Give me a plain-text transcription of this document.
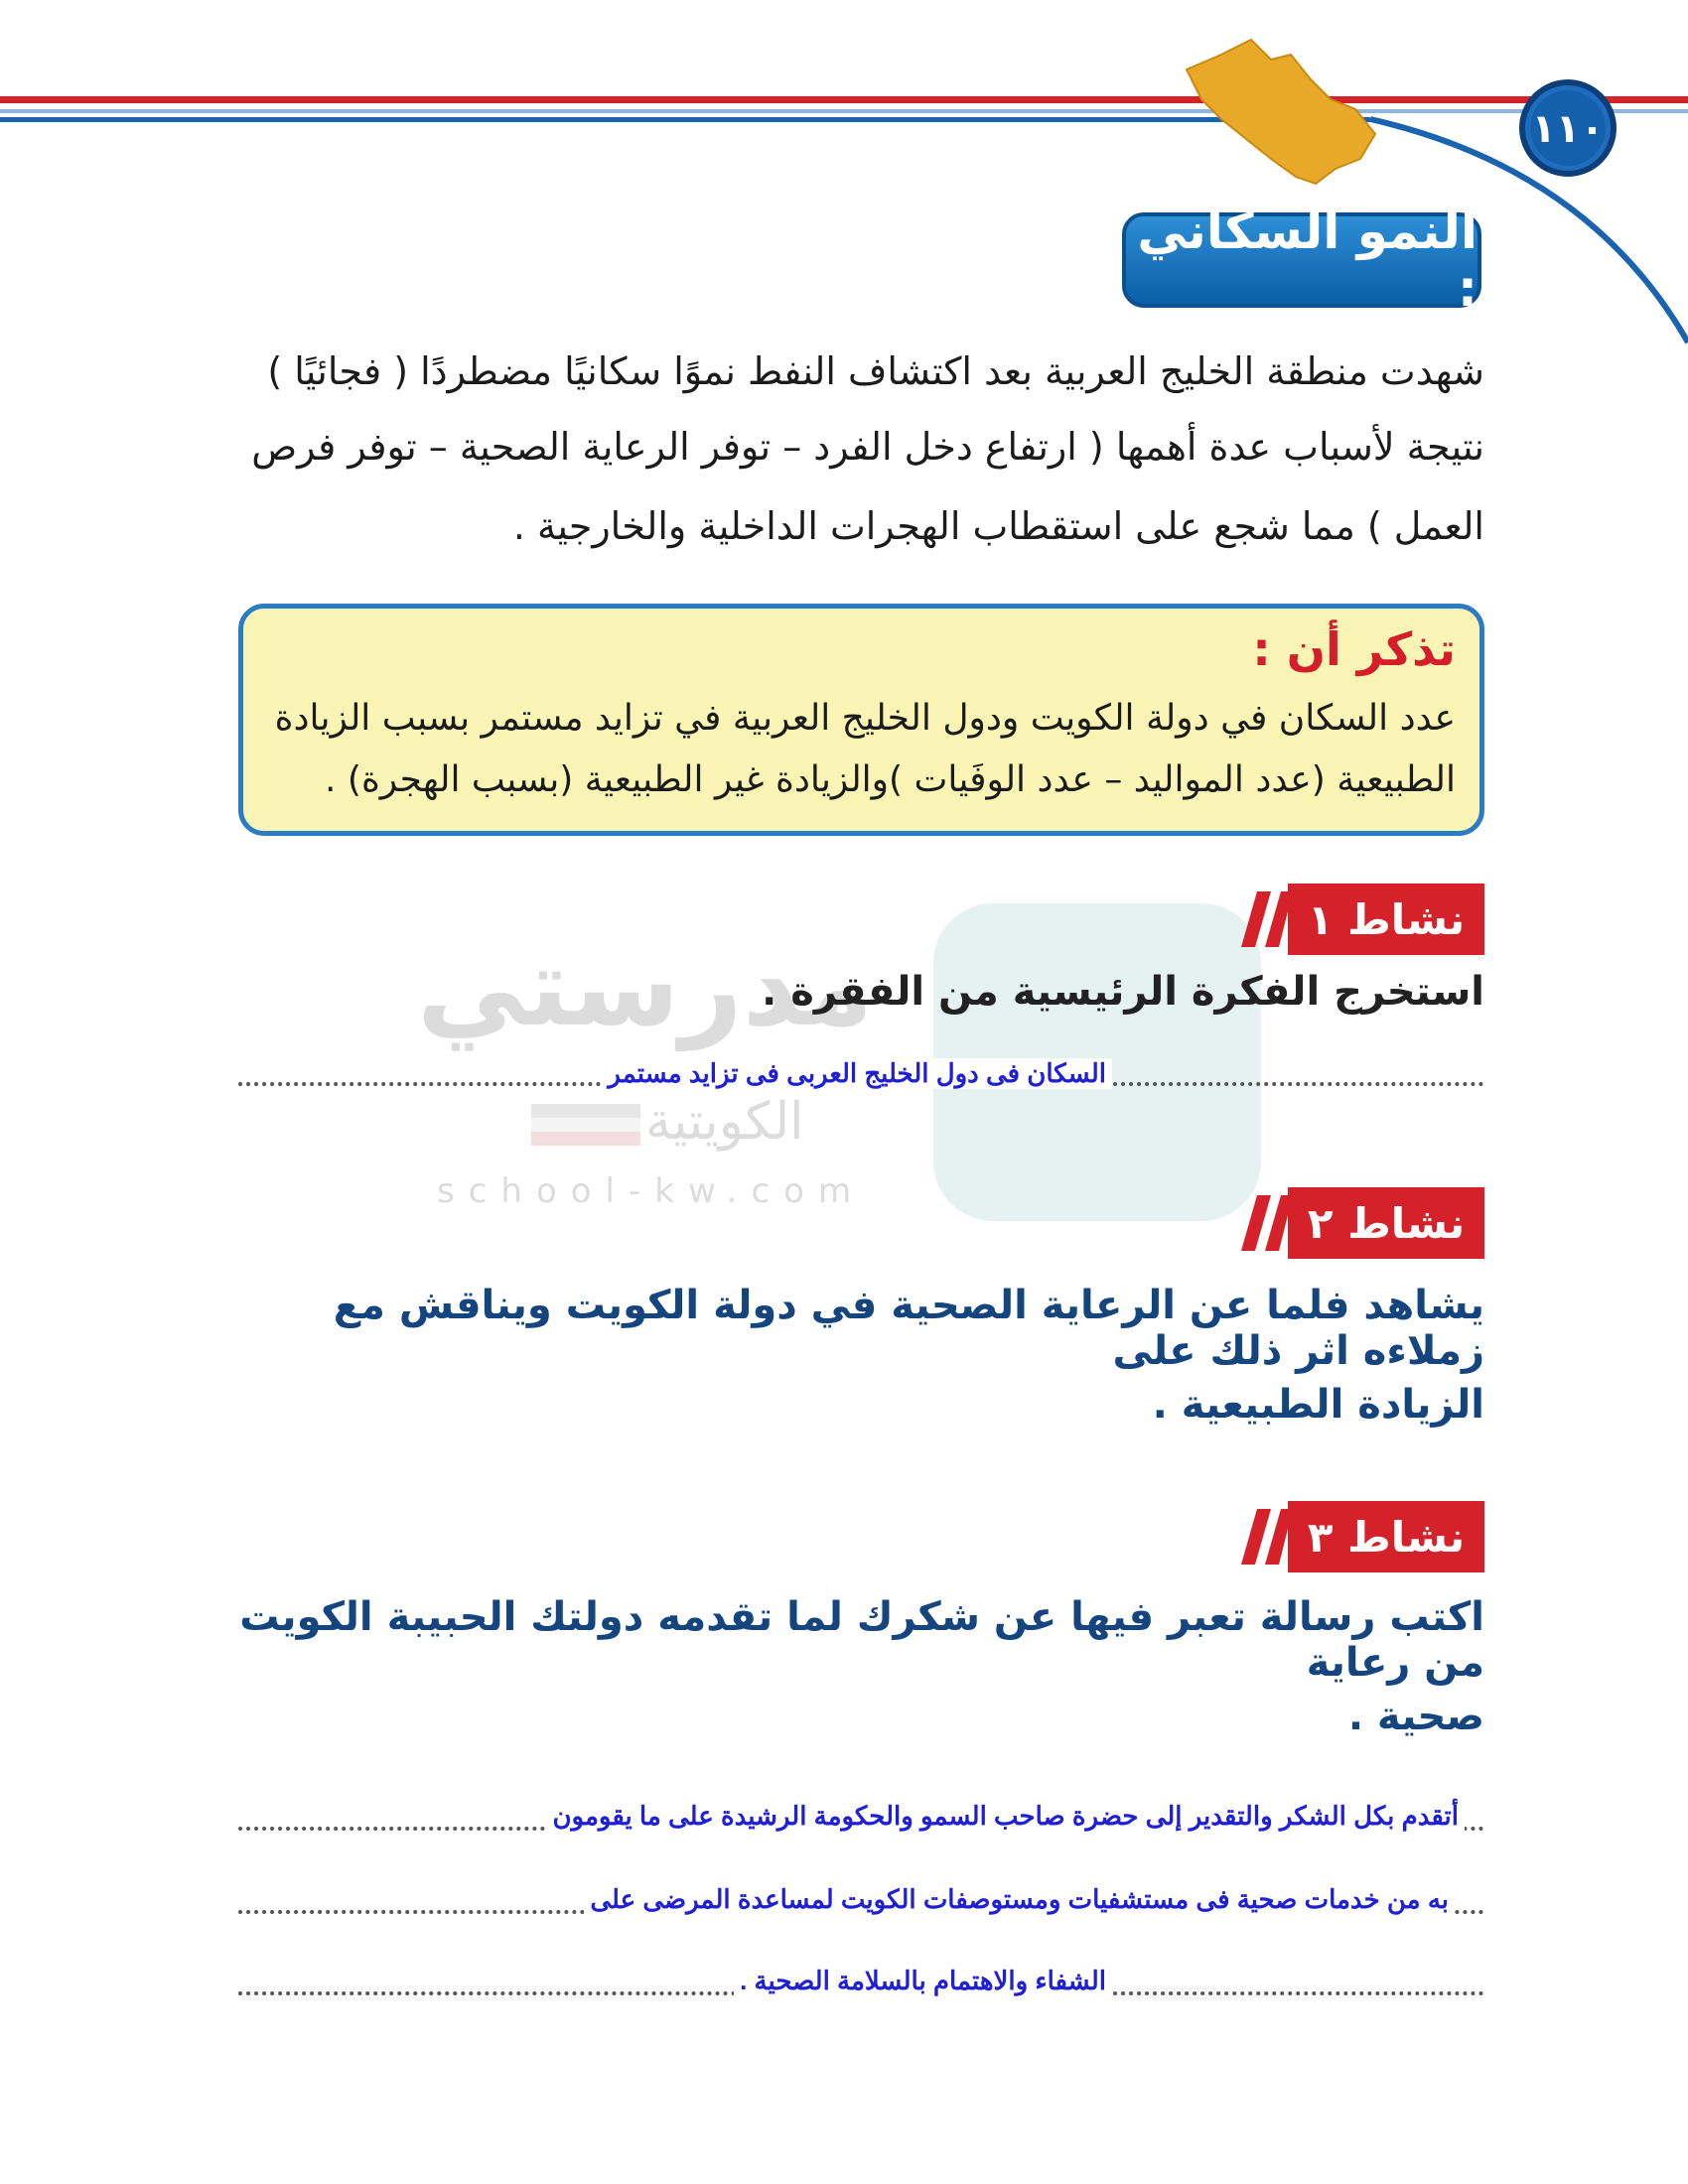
١١٠
مدرستي
الكويتية
school-kw.com
النمو السكاني :
شهدت منطقة الخليج العربية بعد اكتشاف النفط نموًا سكانيًا مضطردًا ( فجائيًا )
نتيجة لأسباب عدة أهمها ( ارتفاع دخل الفرد – توفر الرعاية الصحية – توفر فرص
العمل ) مما شجع على استقطاب الهجرات الداخلية والخارجية .
تذكر أن :
عدد السكان في دولة الكويت ودول الخليج العربية في تزايد مستمر بسبب الزيادة
الطبيعية (عدد المواليد – عدد الوفَيات )والزيادة غير الطبيعية (بسبب الهجرة) .
نشاط ١
استخرج الفكرة الرئيسية من الفقرة .
السكان فى دول الخليج العربى فى تزايد مستمر
نشاط ٢
يشاهد فلما عن الرعاية الصحية في دولة الكويت ويناقش مع زملاءه اثر ذلك على
الزيادة الطبيعية .
نشاط ٣
اكتب رسالة تعبر فيها عن شكرك لما تقدمه دولتك الحبيبة الكويت من رعاية
صحية .
أتقدم بكل الشكر والتقدير إلى حضرة صاحب السمو والحكومة الرشيدة على ما يقومون
به من خدمات صحية فى مستشفيات ومستوصفات الكويت لمساعدة المرضى على
الشفاء والاهتمام بالسلامة الصحية .
